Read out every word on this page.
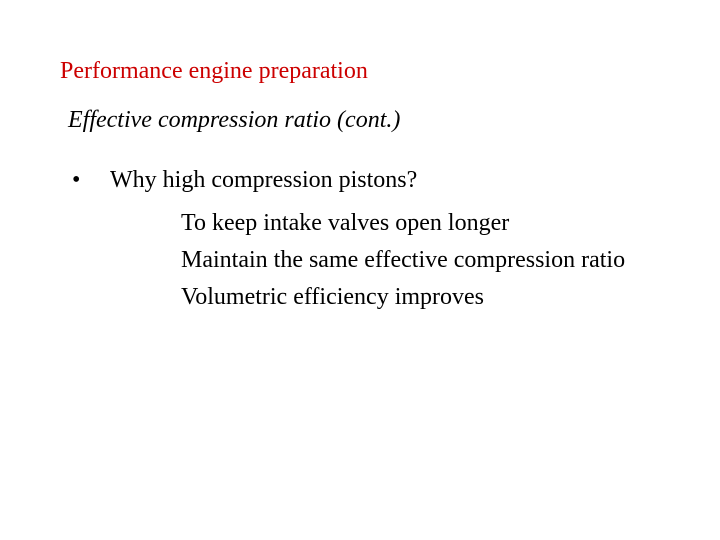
Performance engine preparation
Effective compression ratio (cont.)
• Why high compression pistons?
To keep intake valves open longer
Maintain the same effective compression ratio
Volumetric efficiency improves
